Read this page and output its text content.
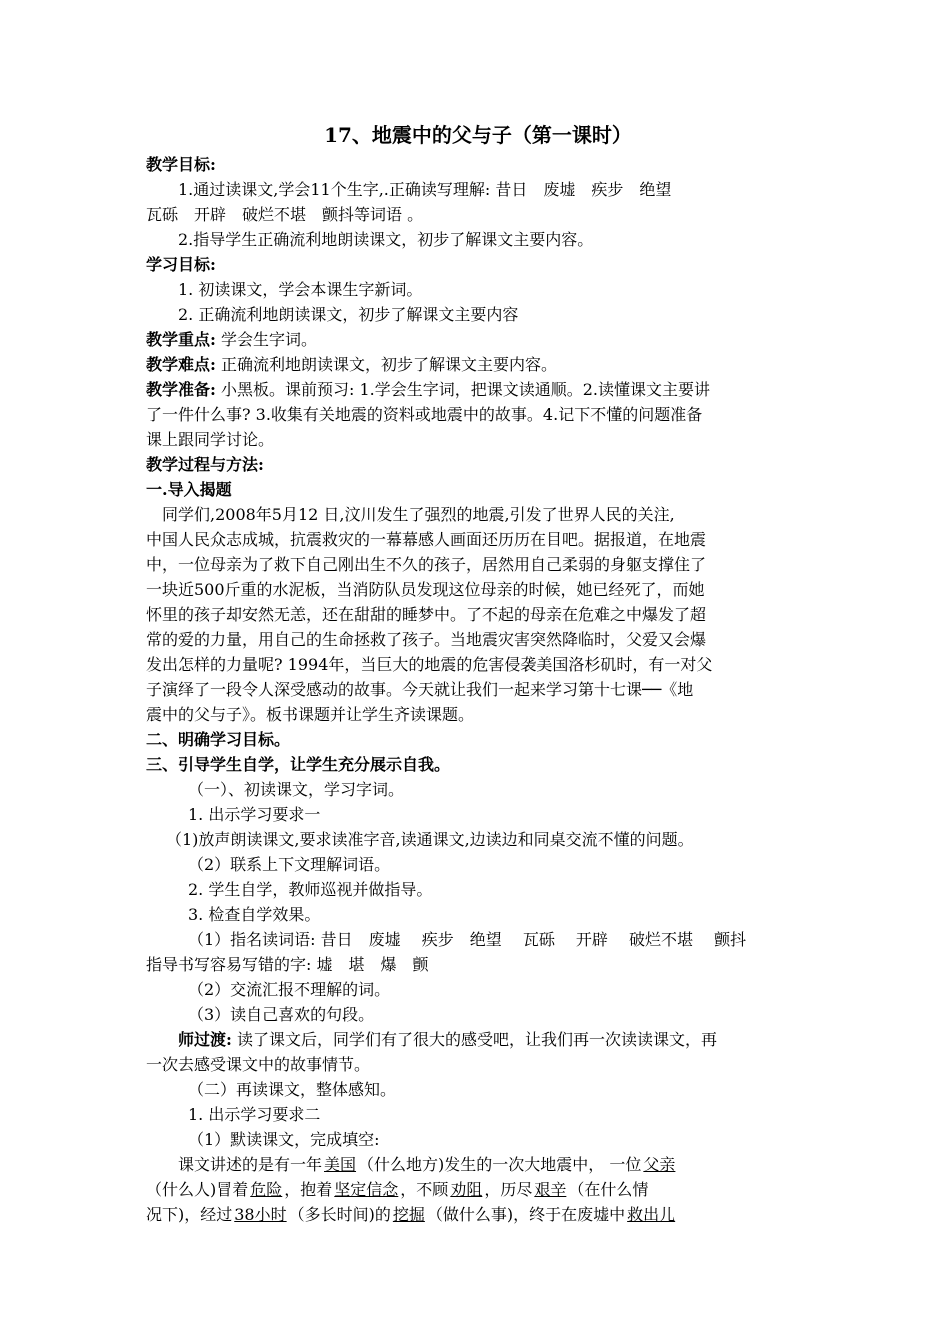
17、地震中的父与子（第一课时）
教学目标:
1.通过读课文,学会11个生字,.正确读写理解: 昔日　废墟　疾步　绝望
瓦砾　开辟　破烂不堪　颤抖等词语 。
2.指导学生正确流利地朗读课文，初步了解课文主要内容。
学习目标:
1. 初读课文，学会本课生字新词。
2. 正确流利地朗读课文，初步了解课文主要内容
教学重点: 学会生字词。
教学难点: 正确流利地朗读课文，初步了解课文主要内容。
教学准备: 小黑板。课前预习: 1.学会生字词，把课文读通顺。2.读懂课文主要讲
了一件什么事? 3.收集有关地震的资料或地震中的故事。4.记下不懂的问题准备
课上跟同学讨论。
教学过程与方法:
一.导入揭题
　同学们,2008年5月12 日,汶川发生了强烈的地震,引发了世界人民的关注,
中国人民众志成城，抗震救灾的一幕幕感人画面还历历在目吧。据报道，在地震
中，一位母亲为了救下自己刚出生不久的孩子，居然用自己柔弱的身躯支撑住了
一块近500斤重的水泥板，当消防队员发现这位母亲的时候，她已经死了，而她
怀里的孩子却安然无恙，还在甜甜的睡梦中。了不起的母亲在危难之中爆发了超
常的爱的力量，用自己的生命拯救了孩子。当地震灾害突然降临时，父爱又会爆
发出怎样的力量呢? 1994年，当巨大的地震的危害侵袭美国洛杉矶时，有一对父
子演绎了一段令人深受感动的故事。今天就让我们一起来学习第十七课──《地
震中的父与子》。板书课题并让学生齐读课题。
二、明确学习目标。
三、引导学生自学，让学生充分展示自我。
（一）、初读课文，学习字词。
1. 出示学习要求一
（1)放声朗读课文,要求读准字音,读通课文,边读边和同桌交流不懂的问题。
（2）联系上下文理解词语。
2. 学生自学，教师巡视并做指导。
3. 检查自学效果。
（1）指名读词语: 昔日　废墟　 疾步　绝望　 瓦砾　 开辟　 破烂不堪　 颤抖
指导书写容易写错的字: 墟　堪　爆　颤
（2）交流汇报不理解的词。
（3）读自己喜欢的句段。
师过渡: 读了课文后，同学们有了很大的感受吧，让我们再一次读读课文，再
一次去感受课文中的故事情节。
（二）再读课文，整体感知。
1. 出示学习要求二
（1）默读课文，完成填空:
课文讲述的是有一年 美国 （什么地方)发生的一次大地震中， 一位 父亲
（什么人)冒着 危险 ，抱着 坚定信念 ，不顾 劝阻 ，历尽 艰辛 （在什么情
况下)，经过 38小时 （多长时间)的 挖掘 （做什么事)，终于在废墟中 救出儿
